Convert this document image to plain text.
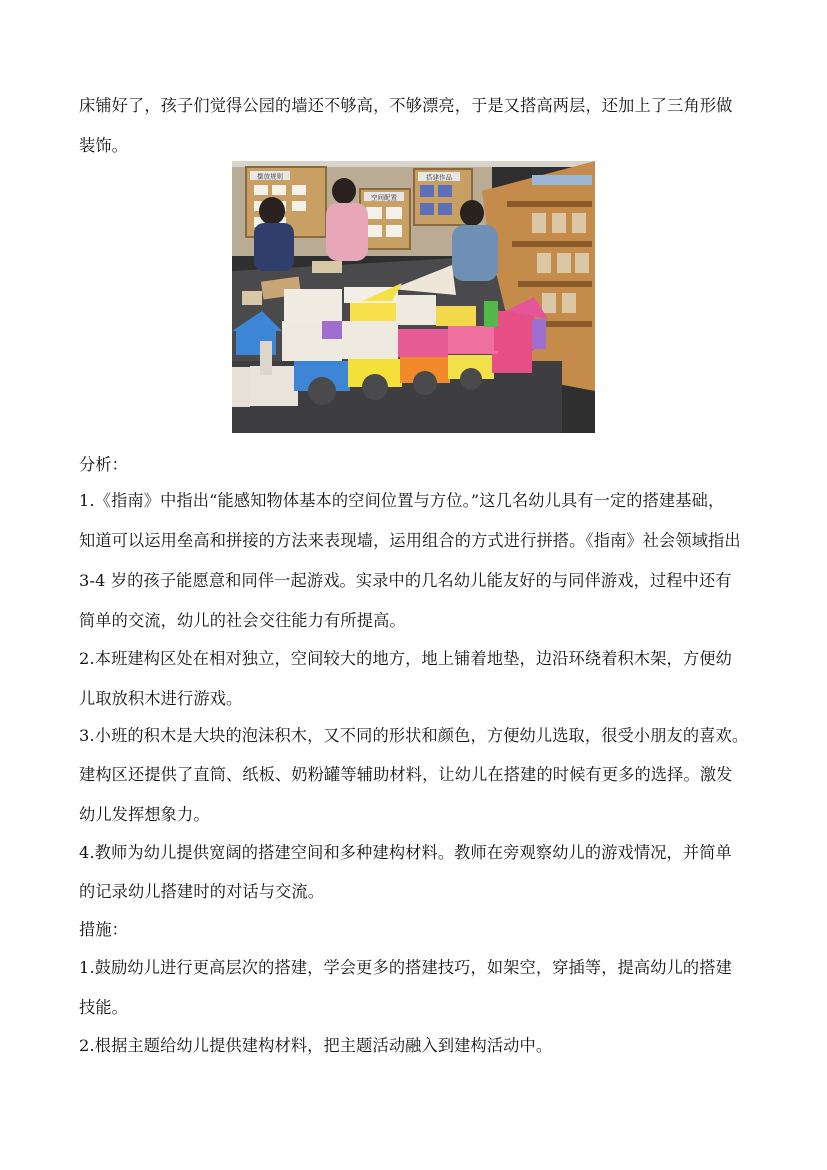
床铺好了，孩子们觉得公园的墙还不够高，不够漂亮，于是又搭高两层，还加上了三角形做
装饰。
摆放规则
空间配置
搭建作品
分析：
1.《指南》中指出“能感知物体基本的空间位置与方位。”这几名幼儿具有一定的搭建基础，
知道可以运用垒高和拼接的方法来表现墙，运用组合的方式进行拼搭。《指南》社会领域指出
3-4 岁的孩子能愿意和同伴一起游戏。实录中的几名幼儿能友好的与同伴游戏，过程中还有
简单的交流，幼儿的社会交往能力有所提高。
2.本班建构区处在相对独立，空间较大的地方，地上铺着地垫，边沿环绕着积木架，方便幼
儿取放积木进行游戏。
3.小班的积木是大块的泡沫积木，又不同的形状和颜色，方便幼儿选取，很受小朋友的喜欢。
建构区还提供了直筒、纸板、奶粉罐等辅助材料，让幼儿在搭建的时候有更多的选择。激发
幼儿发挥想象力。
4.教师为幼儿提供宽阔的搭建空间和多种建构材料。教师在旁观察幼儿的游戏情况，并简单
的记录幼儿搭建时的对话与交流。
措施：
1.鼓励幼儿进行更高层次的搭建，学会更多的搭建技巧，如架空，穿插等，提高幼儿的搭建
技能。
2.根据主题给幼儿提供建构材料，把主题活动融入到建构活动中。
